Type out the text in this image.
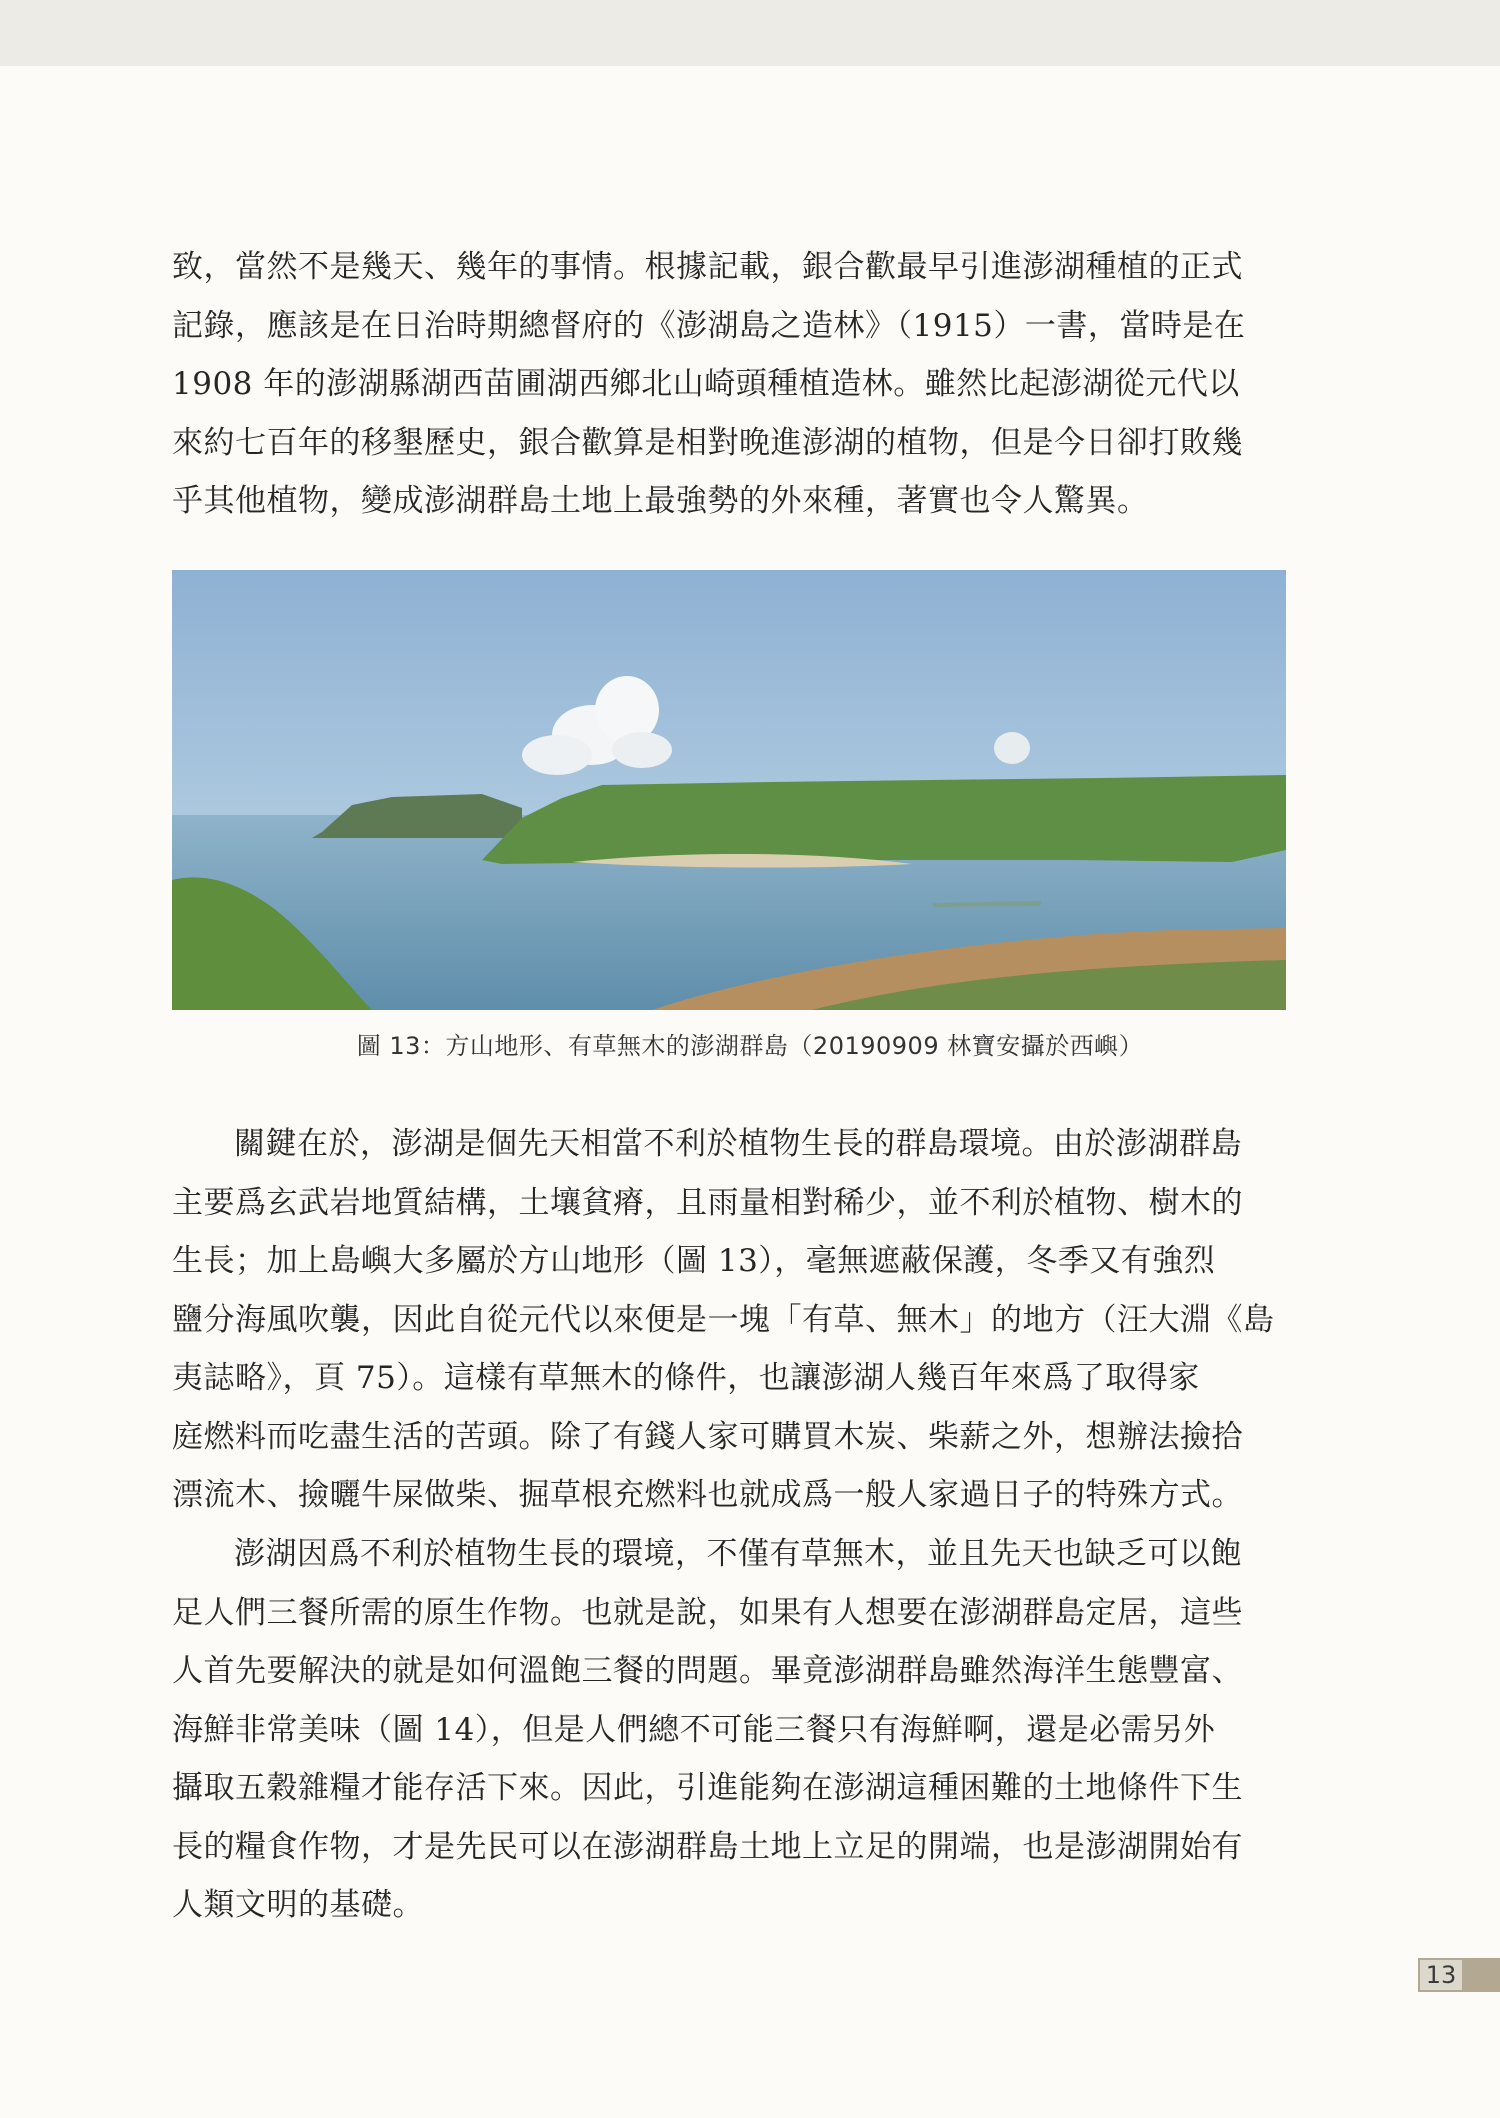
致，當然不是幾天、幾年的事情。根據記載，銀合歡最早引進澎湖種植的正式
記錄，應該是在日治時期總督府的《澎湖島之造林》（1915）一書，當時是在
1908 年的澎湖縣湖西苗圃湖西鄉北山崎頭種植造林。雖然比起澎湖從元代以
來約七百年的移墾歷史，銀合歡算是相對晚進澎湖的植物，但是今日卻打敗幾
乎其他植物，變成澎湖群島土地上最強勢的外來種，著實也令人驚異。
圖 13：方山地形、有草無木的澎湖群島（20190909 林寶安攝於西嶼）
關鍵在於，澎湖是個先天相當不利於植物生長的群島環境。由於澎湖群島
主要爲玄武岩地質結構，土壤貧瘠，且雨量相對稀少，並不利於植物、樹木的
生長；加上島嶼大多屬於方山地形（圖 13），毫無遮蔽保護，冬季又有強烈
鹽分海風吹襲，因此自從元代以來便是一塊「有草、無木」的地方（汪大淵《島
夷誌略》，頁 75）。這樣有草無木的條件，也讓澎湖人幾百年來爲了取得家
庭燃料而吃盡生活的苦頭。除了有錢人家可購買木炭、柴薪之外，想辦法撿拾
漂流木、撿曬牛屎做柴、掘草根充燃料也就成爲一般人家過日子的特殊方式。
澎湖因爲不利於植物生長的環境，不僅有草無木，並且先天也缺乏可以飽
足人們三餐所需的原生作物。也就是說，如果有人想要在澎湖群島定居，這些
人首先要解決的就是如何溫飽三餐的問題。畢竟澎湖群島雖然海洋生態豐富、
海鮮非常美味（圖 14），但是人們總不可能三餐只有海鮮啊，還是必需另外
攝取五穀雜糧才能存活下來。因此，引進能夠在澎湖這種困難的土地條件下生
長的糧食作物，才是先民可以在澎湖群島土地上立足的開端，也是澎湖開始有
人類文明的基礎。
13
